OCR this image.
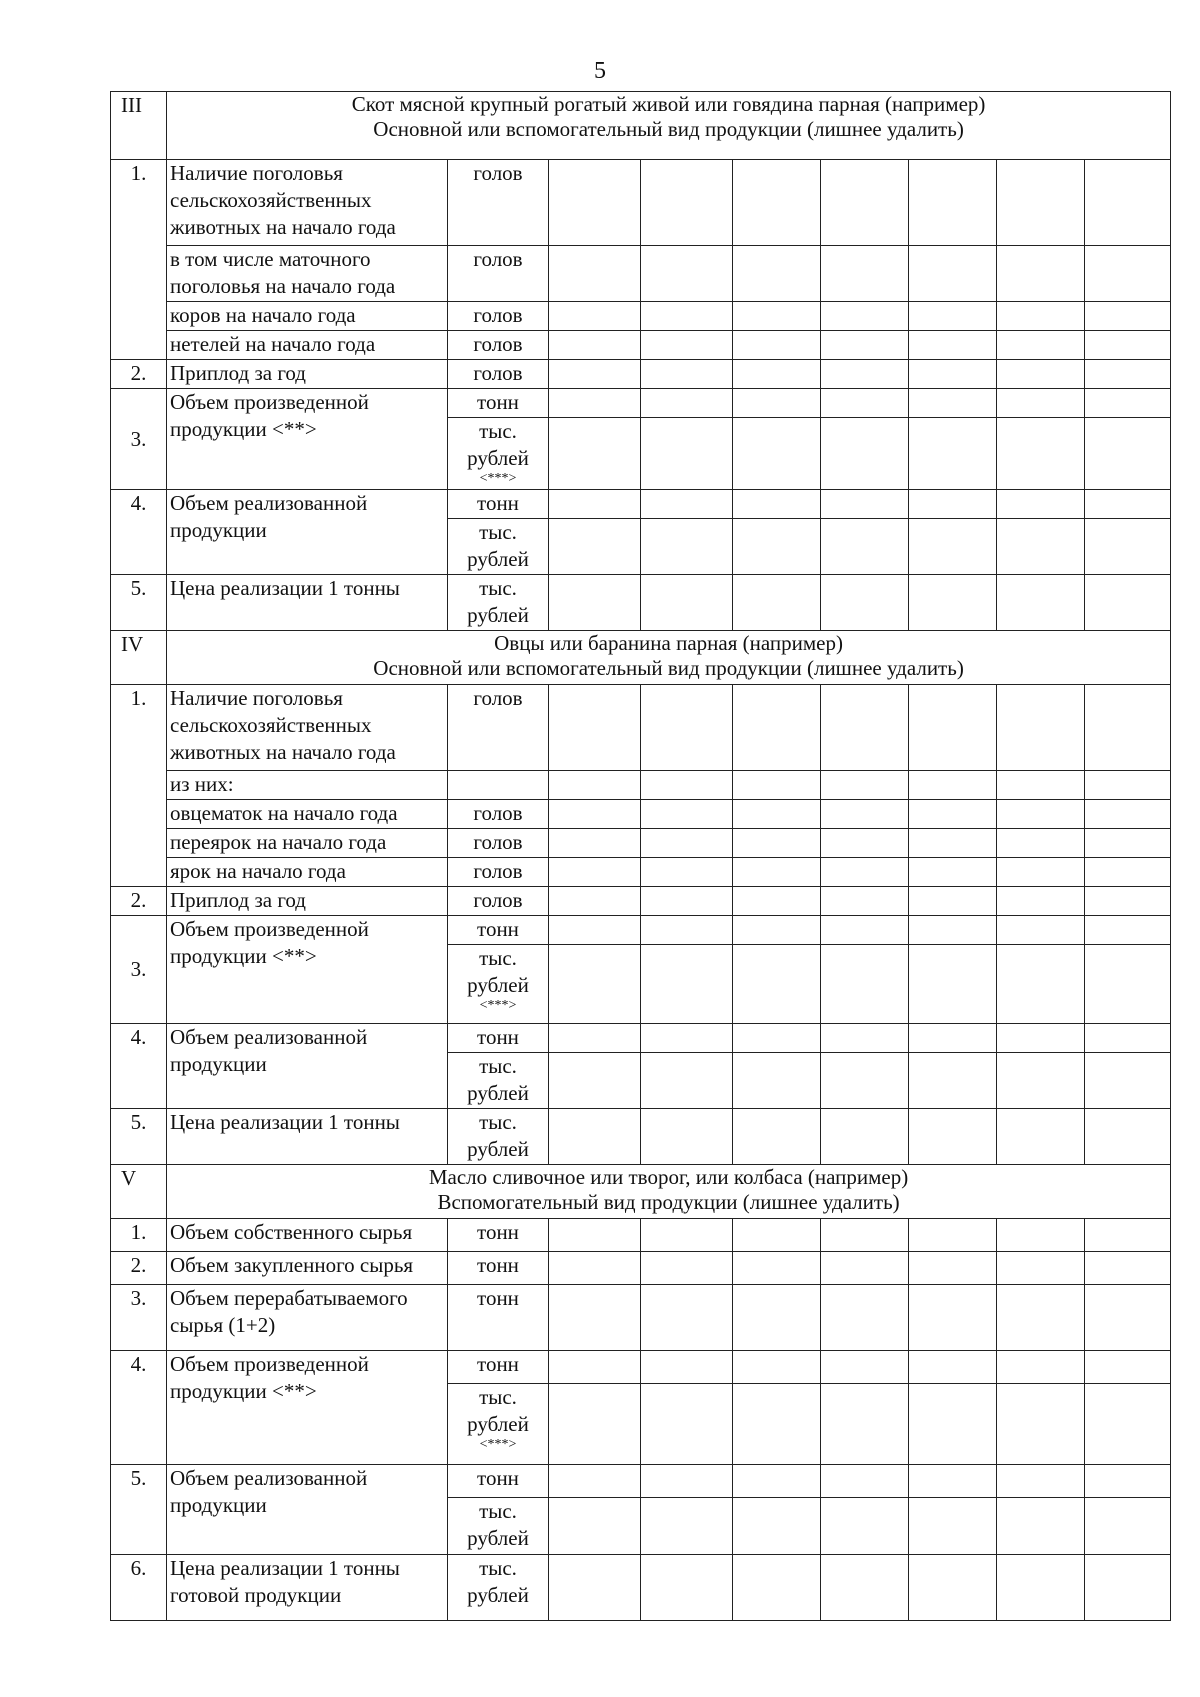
5
III	Скот мясной крупный рогатый живой или говядина парная (например)
Основной или вспомогательный вид продукции (лишнее удалить)								

1.	Наличие поголовья сельскохозяйственных животных на начало года	голов							
	в том числе маточного поголовья на начало года	голов							
	коров на начало года	голов							
	нетелей на начало года	голов							
2.	Приплод за год	голов							
3.	Объем произведенной продукции <**>	тонн							
		тыс. рублей
<***>							

4.	Объем реализованной продукции	тонн							
		тыс. рублей							
5.	Цена реализации 1 тонны	тыс. рублей							
IV	Овцы или баранина парная (например)
Основной или вспомогательный вид продукции (лишнее удалить)								

1.	Наличие поголовья сельскохозяйственных животных на начало года	голов							
	из них:								
	овцематок на начало года	голов							
	переярок на начало года	голов							
	ярок на начало года	голов							
2.	Приплод за год	голов							
3.	Объем произведенной продукции <**>	тонн							
		тыс. рублей
<***>							

4.	Объем реализованной продукции	тонн							
		тыс. рублей							
5.	Цена реализации 1 тонны	тыс. рублей							
V	Масло сливочное или творог, или колбаса (например)
Вспомогательный вид продукции (лишнее удалить)								

1.	Объем собственного сырья	тонн							
2.	Объем закупленного сырья	тонн							
3.	Объем перерабатываемого сырья (1+2)	тонн							
4.	Объем произведенной продукции <**>	тонн							
		тыс. рублей
<***>							

5.	Объем реализованной продукции	тонн							
		тыс. рублей							
6.	Цена реализации 1 тонны готовой продукции	тыс. рублей							
